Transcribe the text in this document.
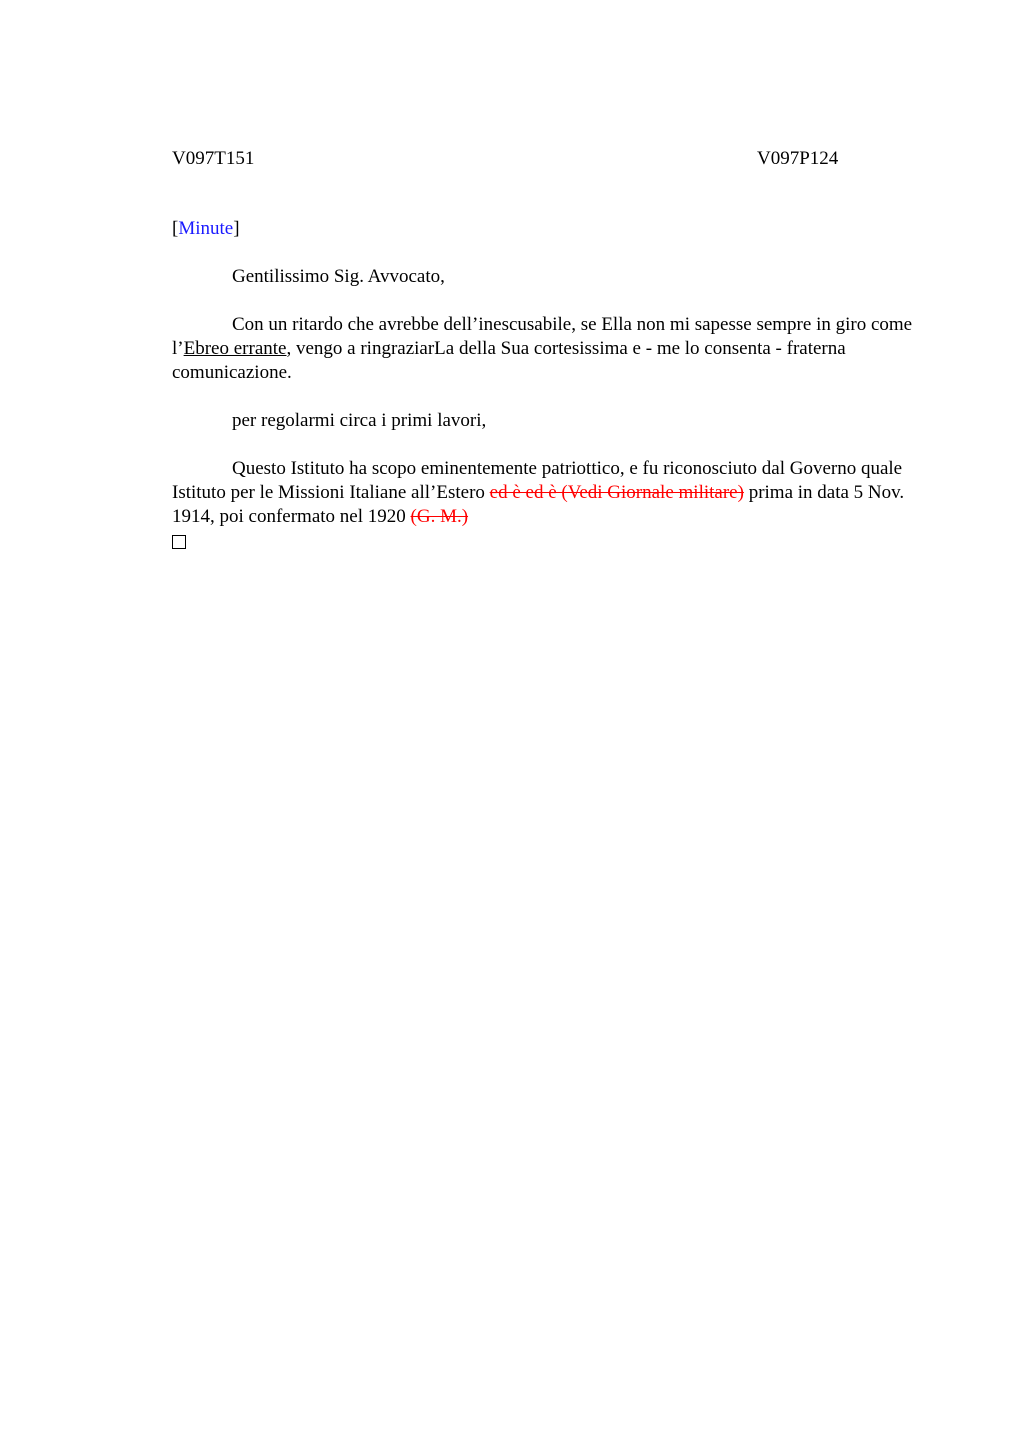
V097T151	V097P124

[Minute]

Gentilissimo Sig. Avvocato,

Con un ritardo che avrebbe dell’inescusabile, se Ella non mi sapesse sempre in giro come l’Ebreo errante, vengo a ringraziarLa della Sua cortesissima e - me lo consenta - fraterna comunicazione.

per regolarmi circa i primi lavori,

Questo Istituto ha scopo eminentemente patriottico, e fu riconosciuto dal Governo quale Istituto per le Missioni Italiane all’Estero ed è ed è (Vedi Giornale militare) prima in data 5 Nov. 1914, poi confermato nel 1920 (G. M.)
